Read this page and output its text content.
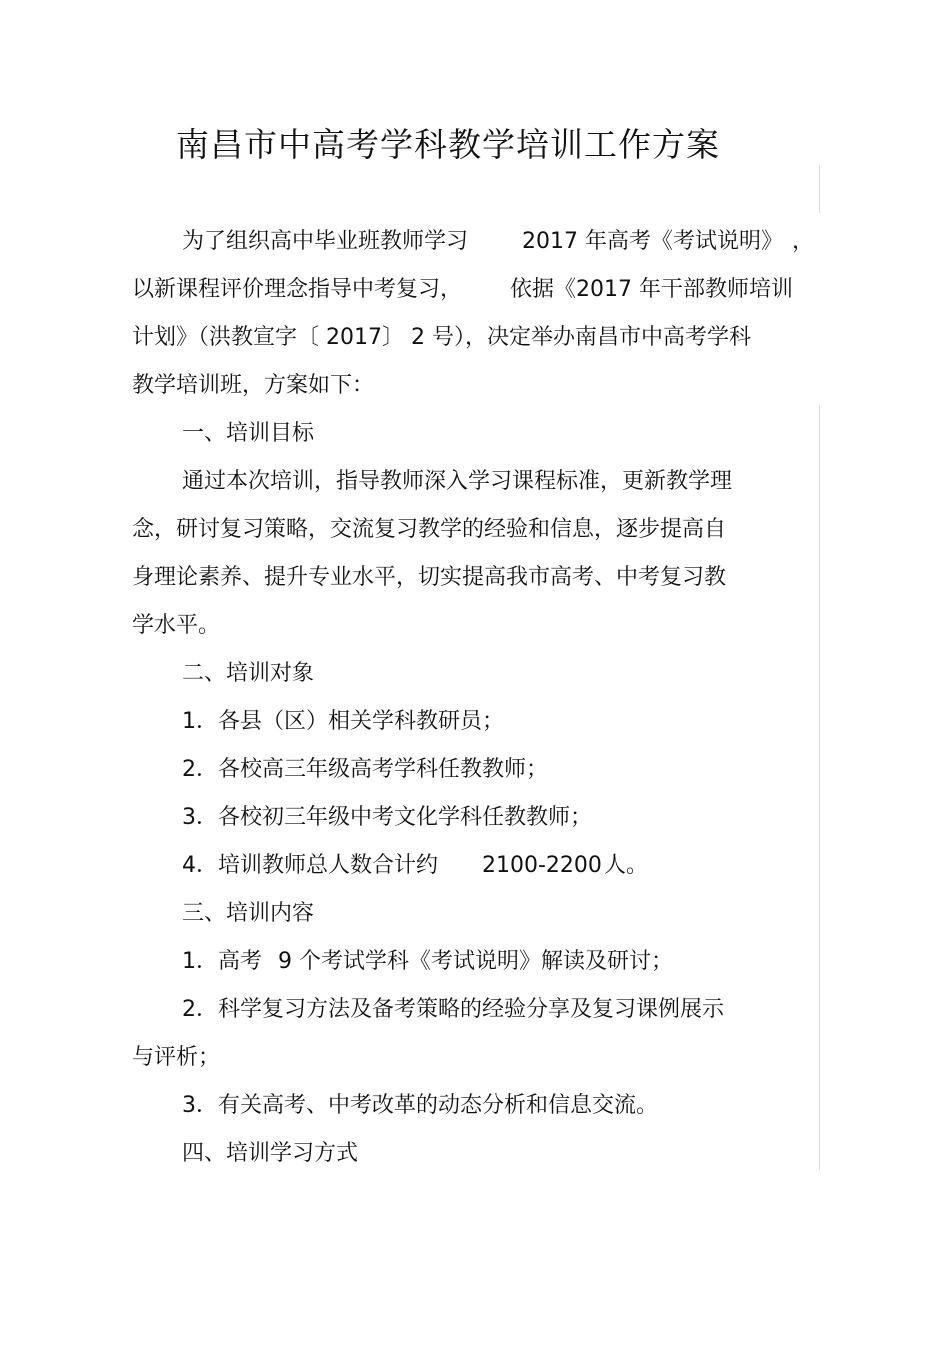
南昌市中高考学科教学培训工作方案
为了组织高中毕业班教师学习 2017 年高考《考试说明》 ，
以新课程评价理念指导中考复习， 依据《2017 年干部教师培训
计划》（洪教宣字〔 2017〕 2 号），决定举办南昌市中高考学科
教学培训班，方案如下：
一、培训目标
通过本次培训，指导教师深入学习课程标准，更新教学理
念，研讨复习策略，交流复习教学的经验和信息，逐步提高自
身理论素养、提升专业水平，切实提高我市高考、中考复习教
学水平。
二、培训对象
1．各县（区）相关学科教研员；
2．各校高三年级高考学科任教教师；
3．各校初三年级中考文化学科任教教师；
4．培训教师总人数合计约 2100-2200 人。
三、培训内容
1．高考 9 个考试学科《考试说明》解读及研讨；
2．科学复习方法及备考策略的经验分享及复习课例展示
与评析；
3．有关高考、中考改革的动态分析和信息交流。
四、培训学习方式
